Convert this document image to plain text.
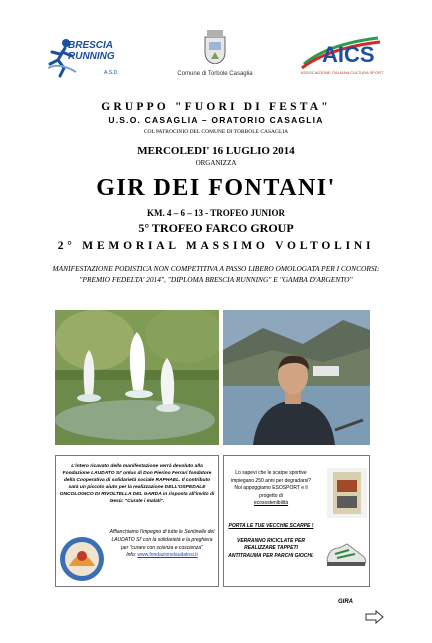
BRESCIA RUNNING
A.S.D.	Comune di Torbole Casaglia
AICS
ASSOCIAZIONE ITALIANA CULTURA SPORT
GRUPPO "FUORI DI FESTA"
U.S.O. CASAGLIA – ORATORIO CASAGLIA
COL PATROCINIO DEL COMUNE DI TORBOLE CASAGLIA
MERCOLEDI' 16 LUGLIO 2014
ORGANIZZA
GIR DEI FONTANI'
KM. 4 – 6 – 13 - TROFEO JUNIOR
5° TROFEO FARCO GROUP
2° MEMORIAL MASSIMO VOLTOLINI
MANIFESTAZIONE PODISTICA NON COMPETITIVA A PASSO LIBERO OMOLOGATA PER I CONCORSI: "PREMIO FEDELTA' 2014", "DIPLOMA BRESCIA RUNNING" E "GAMBA D'ARGENTO"
L'intero ricavato della manifestazione verrà devoluto alla Fondazione LAUDATO SI' onlus di Don Pierino Ferrari fondatore della Cooperativa di solidarietà sociale RAPHAEL. Il contributo sarà un piccolo aiuto per la realizzazione DELL'OSPEDALE ONCOLOGICO DI RIVOLTELLA DEL GARDA in risposta all'invito di Gesù: "Curate i malati".
Affianchiamo l'impegno di tutte le Sentinelle del LAUDATO SI' con la solidarietà e la preghiera per "curare con scienza e coscienza"
Info: www.fondazionelaudatosi.it
Lo sapevi che le scarpe sportive impiegano 250 anni per degradarsi? Noi appoggiamo ESOSPORT e il progetto di
ecosostenibilità
PORTA LE TUE VECCHIE SCARPE !

VERRANNO RICICLATE PER REALIZZARE TAPPETI ANTITRAUMA PER PARCHI GIOCHI.
GIRA
